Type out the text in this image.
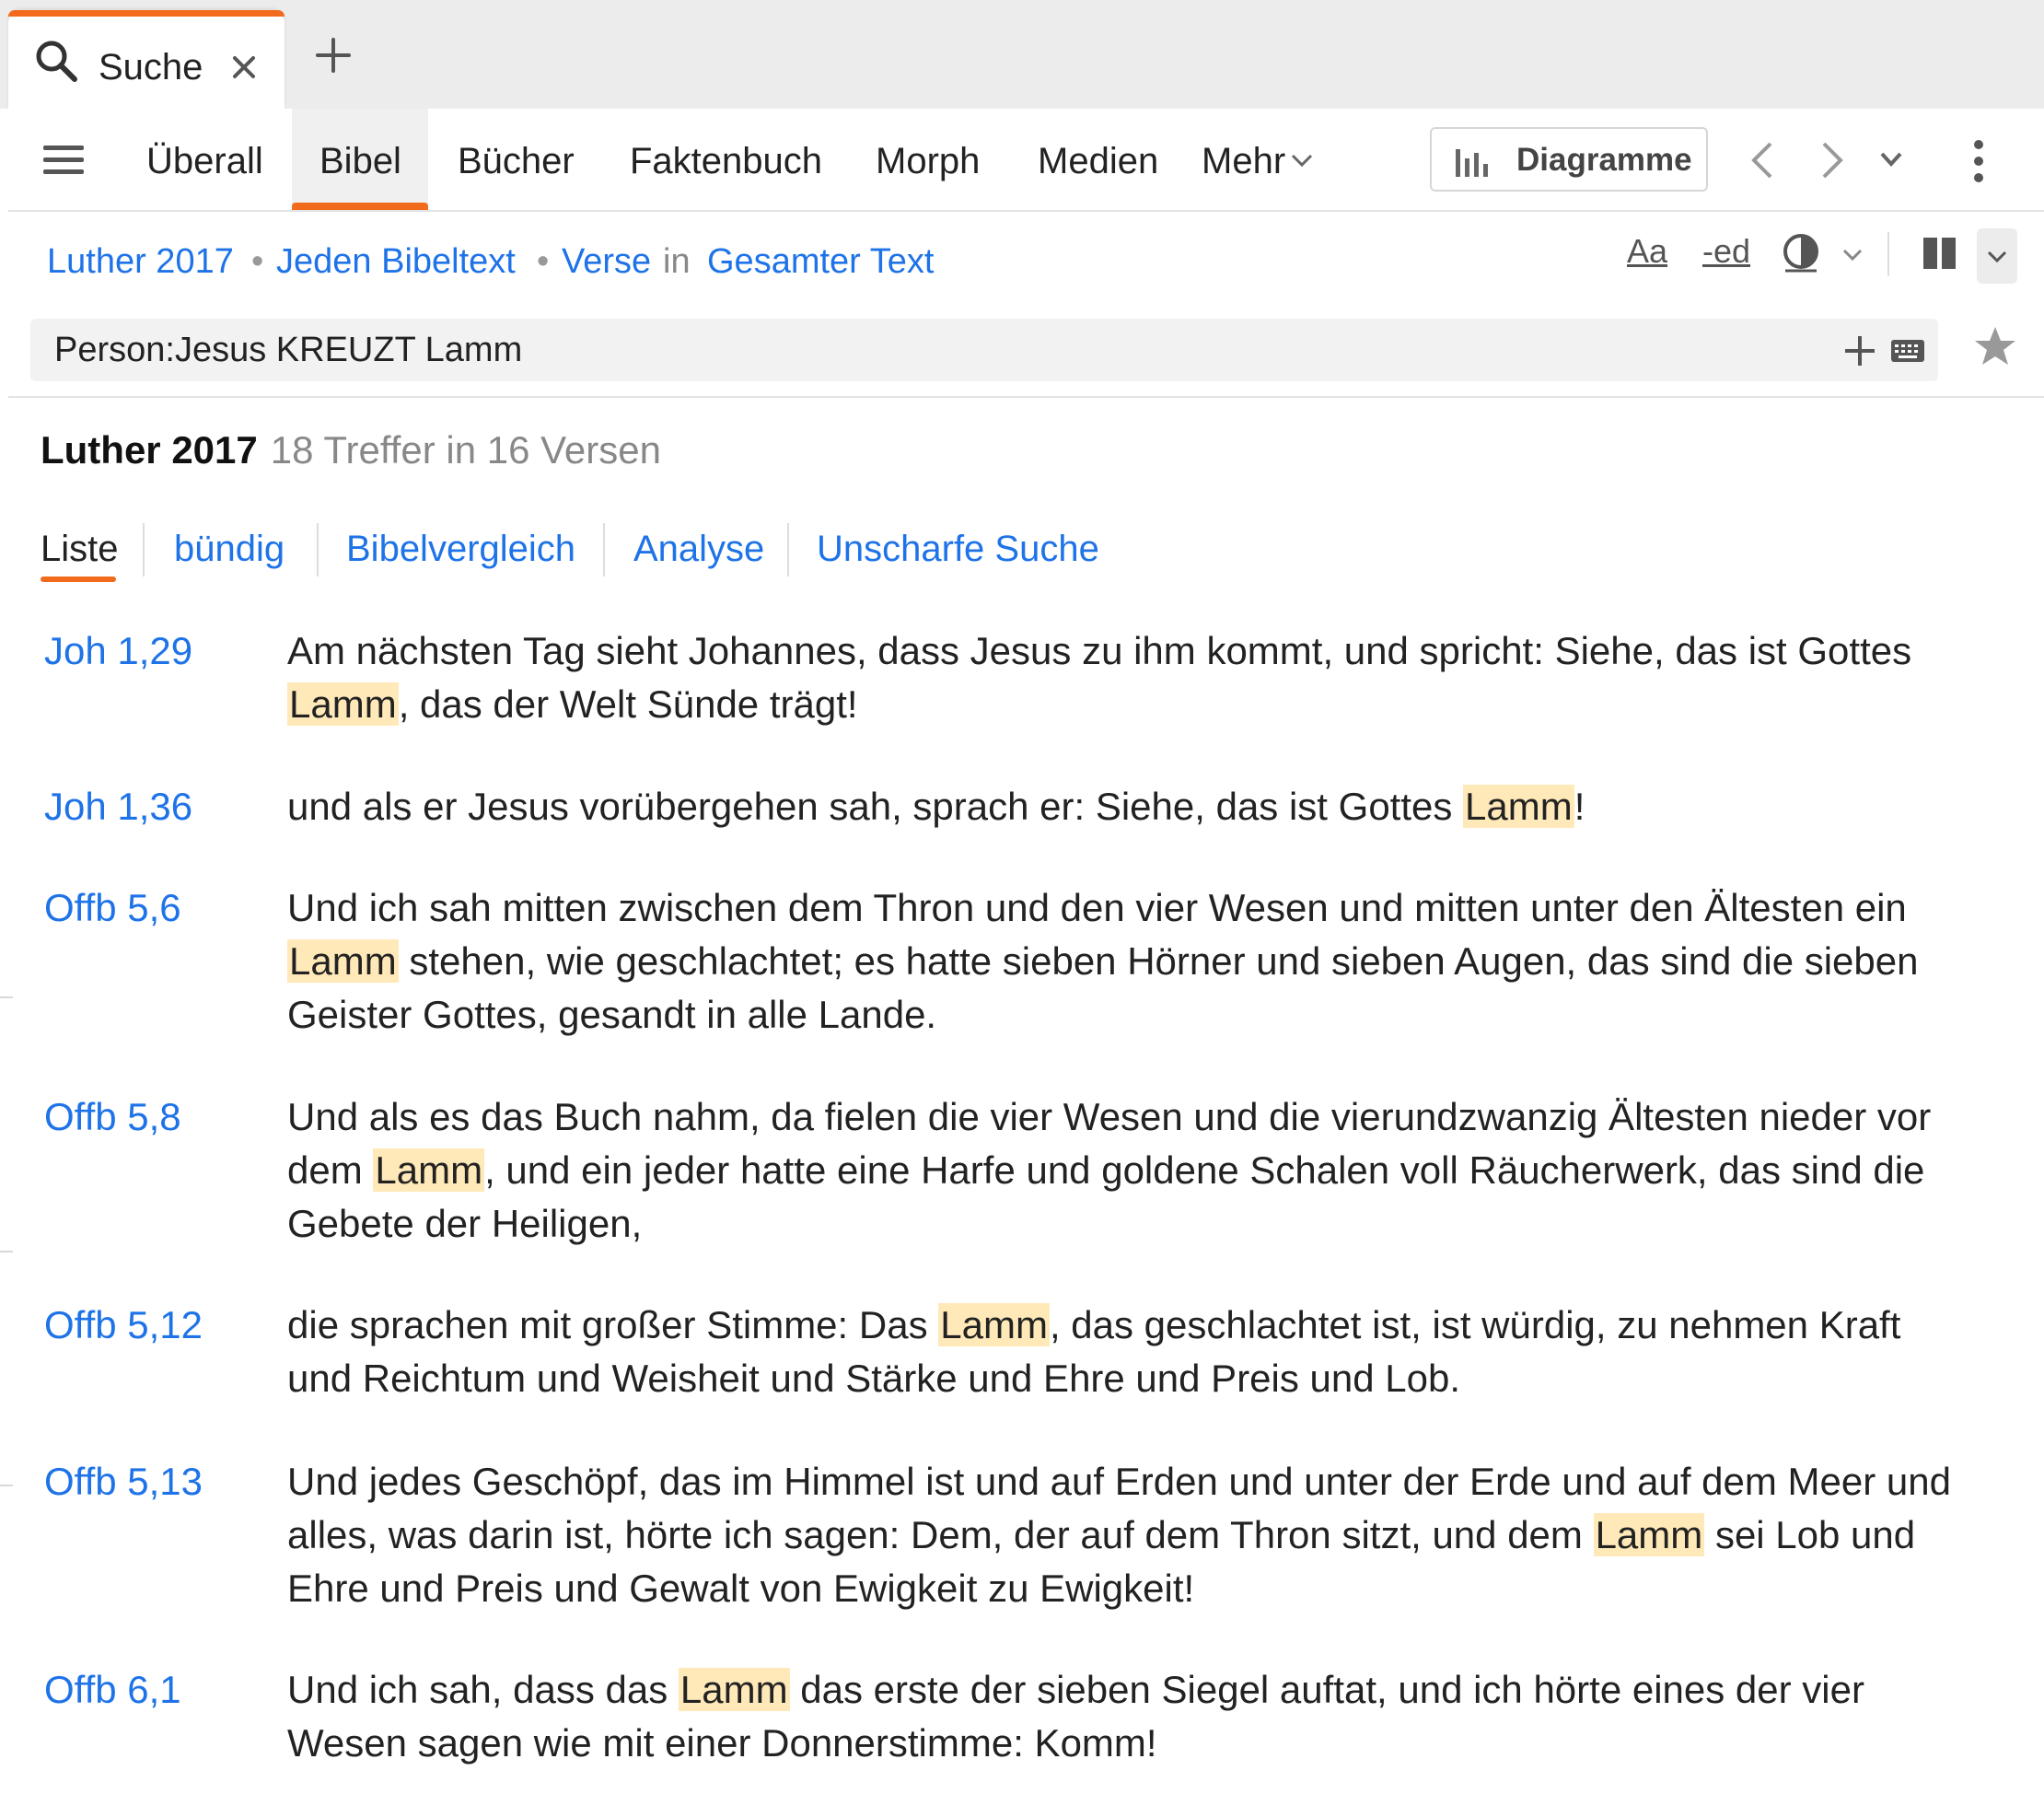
Suche
Überall Bibel Bücher Faktenbuch Morph Medien Mehr	Diagramme
Luther 2017 • Jeden Bibeltext • Verse in Gesamter Text	Aa -ed
Person:Jesus KREUZT Lamm
Luther 2017 18 Treffer in 16 Versen
Liste bündig Bibelvergleich Analyse Unscharfe Suche
Joh 1,29 Am nächsten Tag sieht Johannes, dass Jesus zu ihm kommt, und spricht: Siehe, das ist Gottes Lamm, das der Welt Sünde trägt!
Joh 1,36 und als er Jesus vorübergehen sah, sprach er: Siehe, das ist Gottes Lamm!
Offb 5,6	Und ich sah mitten zwischen dem Thron und den vier Wesen und mitten unter den Ältesten ein Lamm stehen, wie geschlachtet; es hatte sieben Hörner und sieben Augen, das sind die sieben Geister Gottes, gesandt in alle Lande.
Offb 5,8	Und als es das Buch nahm, da fielen die vier Wesen und die vierundzwanzig Ältesten nieder vor dem Lamm, und ein jeder hatte eine Harfe und goldene Schalen voll Räucherwerk, das sind die Gebete der Heiligen,
Offb 5,12 die sprachen mit großer Stimme: Das Lamm, das geschlachtet ist, ist würdig, zu nehmen Kraft und Reichtum und Weisheit und Stärke und Ehre und Preis und Lob.
Offb 5,13 Und jedes Geschöpf, das im Himmel ist und auf Erden und unter der Erde und auf dem Meer und alles, was darin ist, hörte ich sagen: Dem, der auf dem Thron sitzt, und dem Lamm sei Lob und Ehre und Preis und Gewalt von Ewigkeit zu Ewigkeit!
Offb 6,1	Und ich sah, dass das Lamm das erste der sieben Siegel auftat, und ich hörte eines der vier Wesen sagen wie mit einer Donnerstimme: Komm!
